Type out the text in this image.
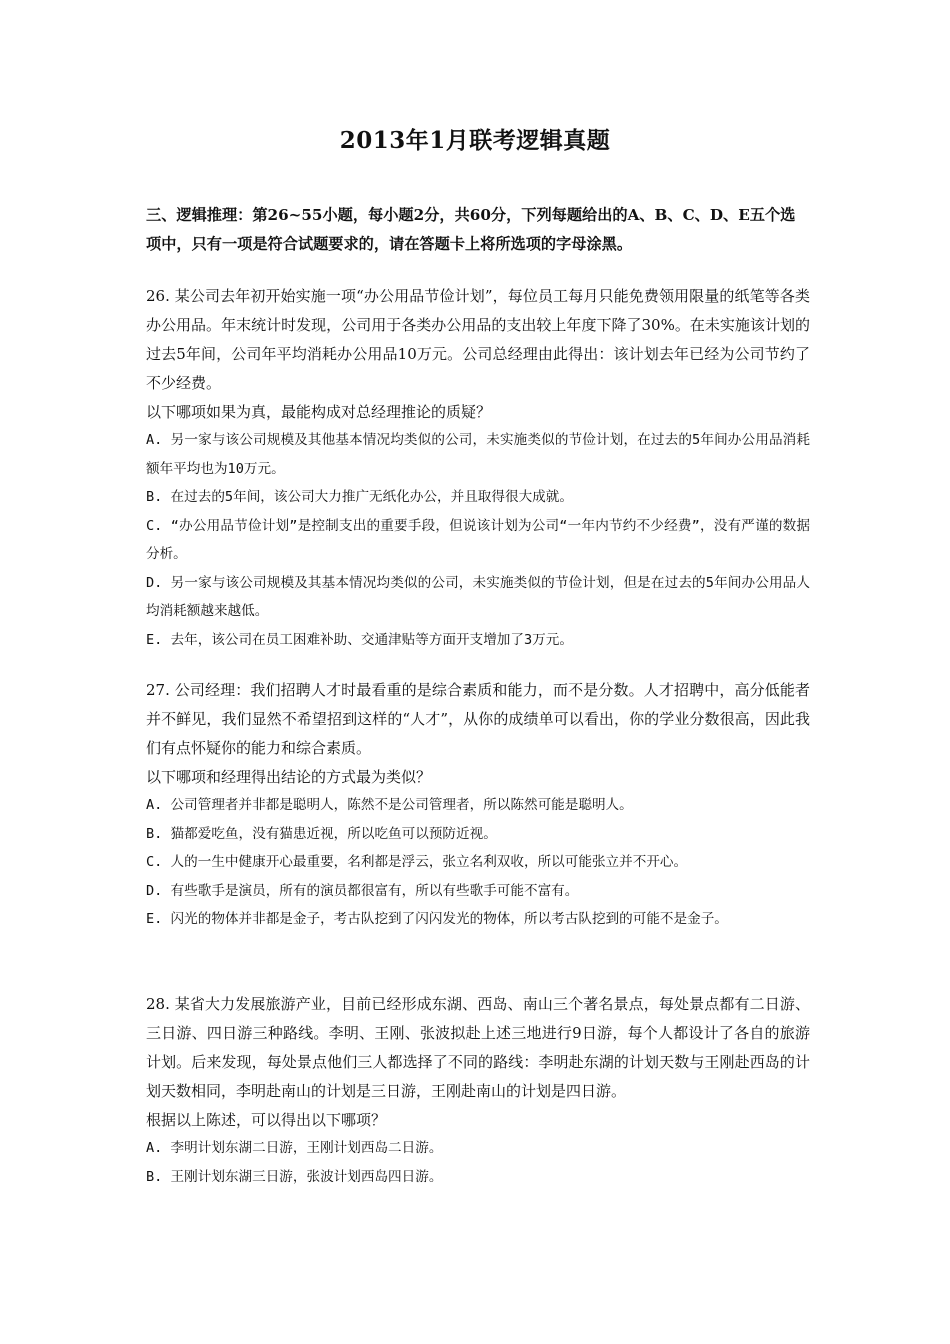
2013年1月联考逻辑真题
三、逻辑推理：第26~55小题，每小题2分，共60分，下列每题给出的A、B、C、D、E五个选项中，只有一项是符合试题要求的，请在答题卡上将所选项的字母涂黑。
26. 某公司去年初开始实施一项“办公用品节俭计划”，每位员工每月只能免费领用限量的纸笔等各类办公用品。年末统计时发现，公司用于各类办公用品的支出较上年度下降了30%。在未实施该计划的过去5年间，公司年平均消耗办公用品10万元。公司总经理由此得出：该计划去年已经为公司节约了不少经费。
以下哪项如果为真，最能构成对总经理推论的质疑？
A. 另一家与该公司规模及其他基本情况均类似的公司，未实施类似的节俭计划，在过去的5年间办公用品消耗额年平均也为10万元。
B. 在过去的5年间，该公司大力推广无纸化办公，并且取得很大成就。
C. “办公用品节俭计划”是控制支出的重要手段，但说该计划为公司“一年内节约不少经费”，没有严谨的数据分析。
D. 另一家与该公司规模及其基本情况均类似的公司，未实施类似的节俭计划，但是在过去的5年间办公用品人均消耗额越来越低。
E. 去年，该公司在员工困难补助、交通津贴等方面开支增加了3万元。
27. 公司经理：我们招聘人才时最看重的是综合素质和能力，而不是分数。人才招聘中，高分低能者并不鲜见，我们显然不希望招到这样的“人才”，从你的成绩单可以看出，你的学业分数很高，因此我们有点怀疑你的能力和综合素质。
以下哪项和经理得出结论的方式最为类似？
A. 公司管理者并非都是聪明人，陈然不是公司管理者，所以陈然可能是聪明人。
B. 猫都爱吃鱼，没有猫患近视，所以吃鱼可以预防近视。
C. 人的一生中健康开心最重要，名利都是浮云，张立名利双收，所以可能张立并不开心。
D. 有些歌手是演员，所有的演员都很富有，所以有些歌手可能不富有。
E. 闪光的物体并非都是金子，考古队挖到了闪闪发光的物体，所以考古队挖到的可能不是金子。
28. 某省大力发展旅游产业，目前已经形成东湖、西岛、南山三个著名景点，每处景点都有二日游、三日游、四日游三种路线。李明、王刚、张波拟赴上述三地进行9日游，每个人都设计了各自的旅游计划。后来发现，每处景点他们三人都选择了不同的路线：李明赴东湖的计划天数与王刚赴西岛的计划天数相同，李明赴南山的计划是三日游，王刚赴南山的计划是四日游。
根据以上陈述，可以得出以下哪项？
A. 李明计划东湖二日游，王刚计划西岛二日游。
B. 王刚计划东湖三日游，张波计划西岛四日游。
